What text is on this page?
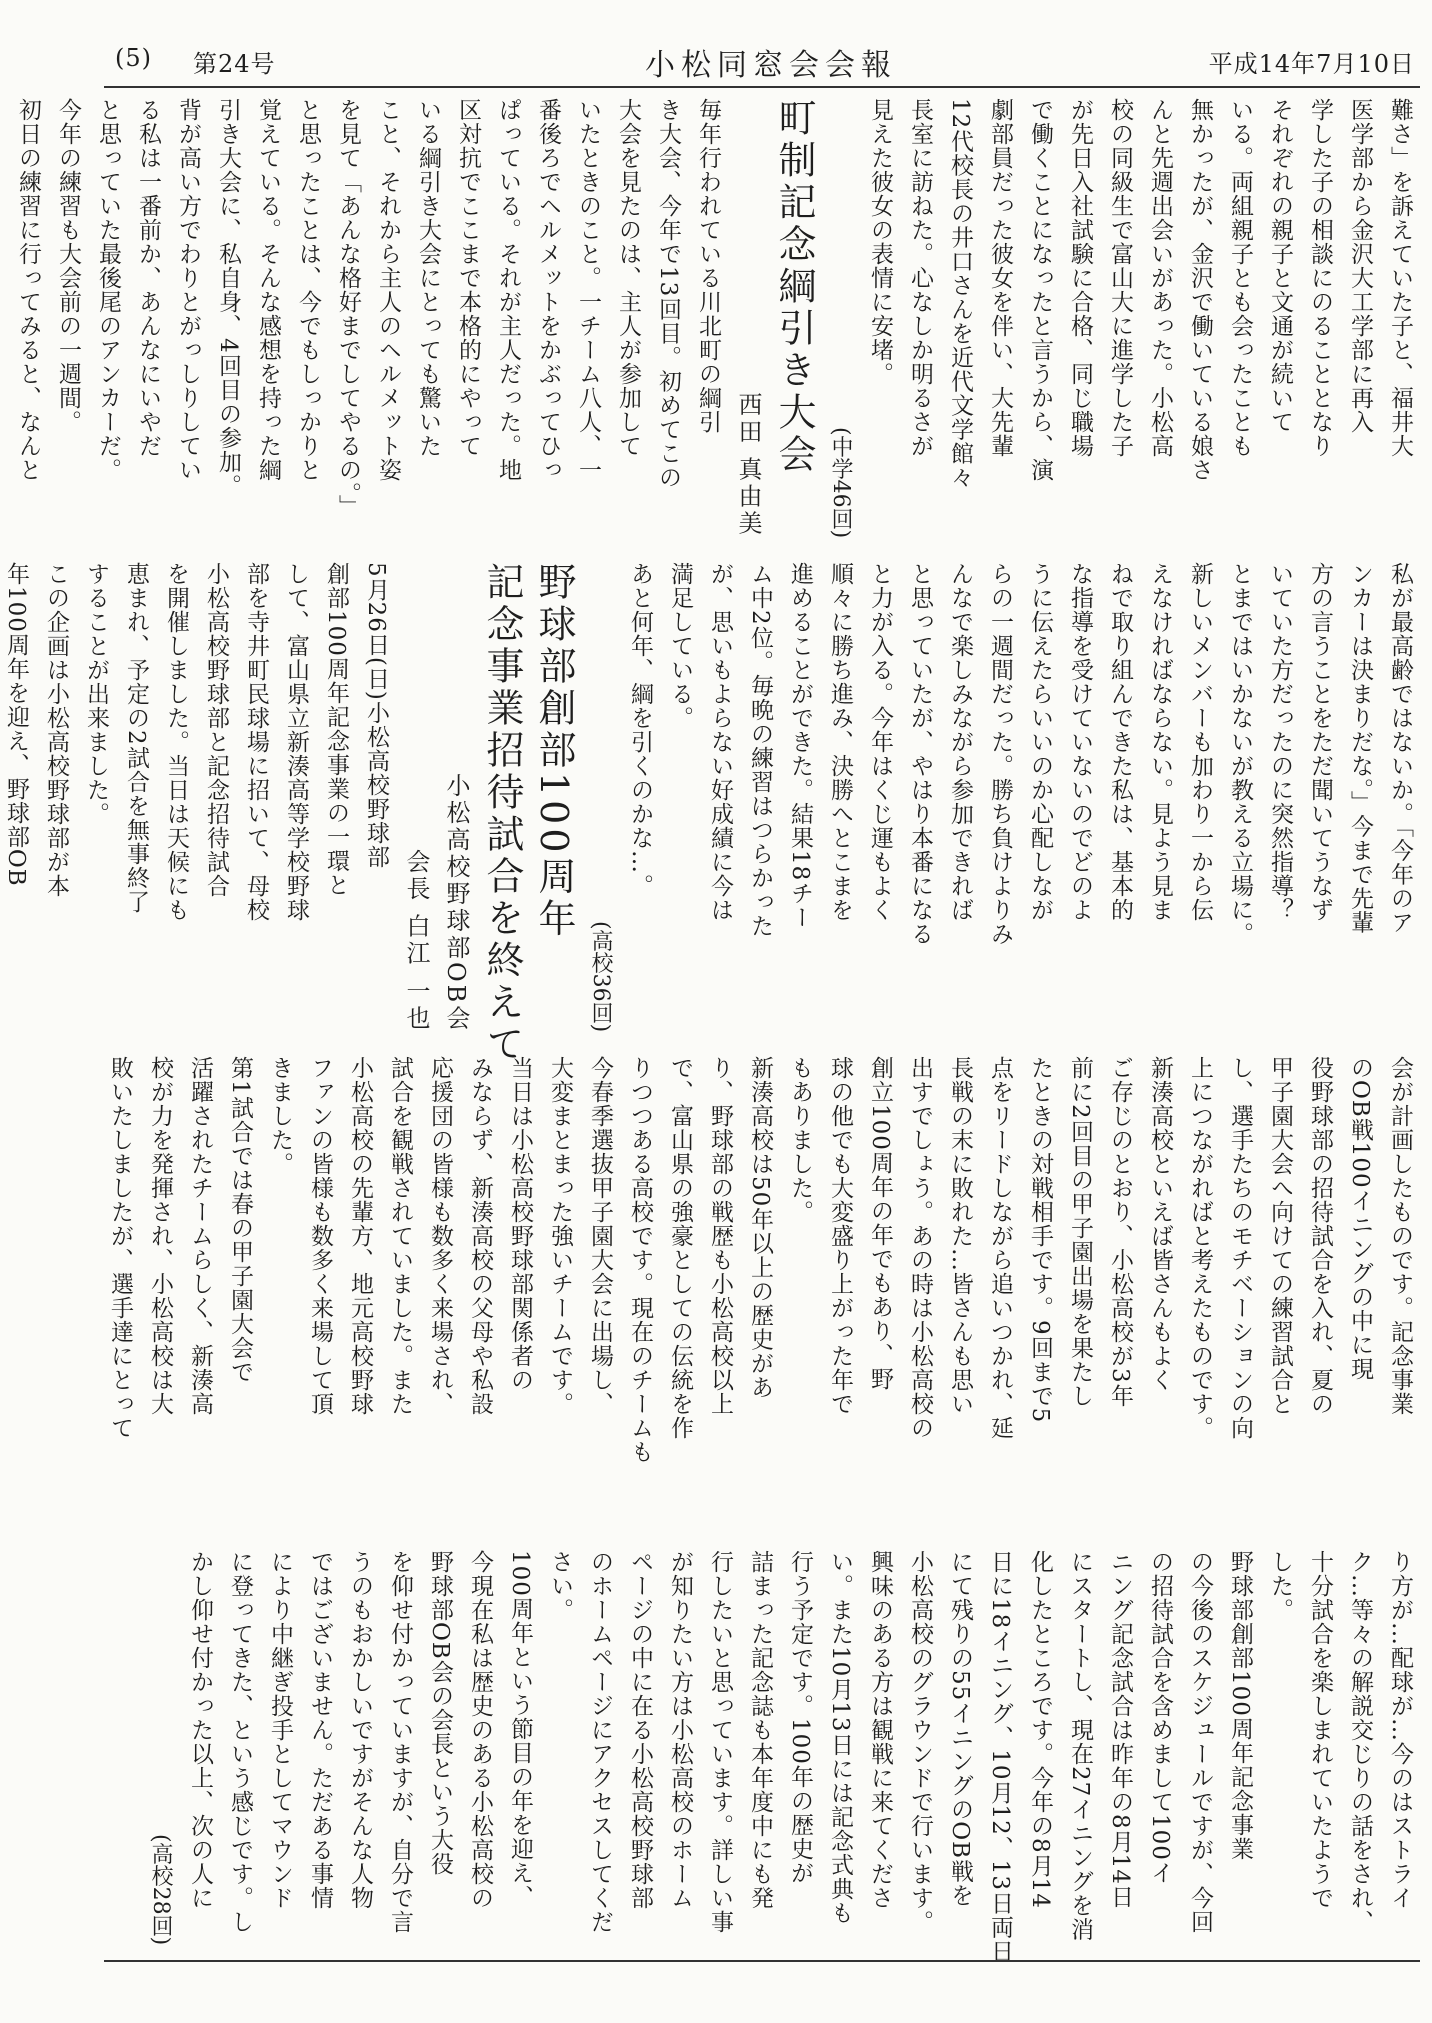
(5) 第24号	小松同窓会会報	平成14年7月10日
難さ」を訴えていた子と、福井大
医学部から金沢大工学部に再入
学した子の相談にのることとなり
それぞれの親子と文通が続いて
いる。両組親子とも会ったことも
無かったが、金沢で働いている娘さ
んと先週出会いがあった。小松高
校の同級生で富山大に進学した子
が先日入社試験に合格、同じ職場
で働くことになったと言うから、演
劇部員だった彼女を伴い、大先輩
12代校長の井口さんを近代文学館々
長室に訪ねた。心なしか明るさが
見えた彼女の表情に安堵。
(中学46回)
町制記念綱引き大会
西田 真由美
毎年行われている川北町の綱引
き大会、今年で13回目。初めてこの
大会を見たのは、主人が参加して
いたときのこと。一チーム八人、一
番後ろでヘルメットをかぶってひっ
ぱっている。それが主人だった。地
区対抗でここまで本格的にやって
いる綱引き大会にとっても驚いた
こと、それから主人のヘルメット姿
を見て「あんな格好までしてやるの。」
と思ったことは、今でもしっかりと
覚えている。そんな感想を持った綱
引き大会に、私自身、4回目の参加。
背が高い方でわりとがっしりしてい
る私は一番前か、あんなにいやだ
と思っていた最後尾のアンカーだ。
今年の練習も大会前の一週間。
初日の練習に行ってみると、なんと
私が最高齢ではないか。「今年のア
ンカーは決まりだな。」今まで先輩
方の言うことをただ聞いてうなず
いていた方だったのに突然指導？
とまではいかないが教える立場に。
新しいメンバーも加わり一から伝
えなければならない。見よう見ま
ねで取り組んできた私は、基本的
な指導を受けていないのでどのよ
うに伝えたらいいのか心配しなが
らの一週間だった。勝ち負けよりみ
んなで楽しみながら参加できれば
と思っていたが、やはり本番になる
と力が入る。今年はくじ運もよく
順々に勝ち進み、決勝へとこまを
進めることができた。結果18チー
ム中2位。毎晩の練習はつらかった
が、思いもよらない好成績に今は
満足している。
あと何年、綱を引くのかな…。
(高校36回)
野球部創部100周年
記念事業招待試合を終えて
小松高校野球部OB会
会長 白江 一也
5月26日(日)小松高校野球部
創部100周年記念事業の一環と
して、富山県立新湊高等学校野球
部を寺井町民球場に招いて、母校
小松高校野球部と記念招待試合
を開催しました。当日は天候にも
恵まれ、予定の2試合を無事終了
することが出来ました。
この企画は小松高校野球部が本
年100周年を迎え、野球部OB
会が計画したものです。記念事業
のOB戦100イニングの中に現
役野球部の招待試合を入れ、夏の
甲子園大会へ向けての練習試合と
し、選手たちのモチベーションの向
上につながればと考えたものです。
新湊高校といえば皆さんもよく
ご存じのとおり、小松高校が3年
前に2回目の甲子園出場を果たし
たときの対戦相手です。9回まで5
点をリードしながら追いつかれ、延
長戦の末に敗れた…皆さんも思い
出すでしょう。あの時は小松高校の
創立100周年の年でもあり、野
球の他でも大変盛り上がった年で
もありました。
新湊高校は50年以上の歴史があ
り、野球部の戦歴も小松高校以上
で、富山県の強豪としての伝統を作
りつつある高校です。現在のチームも
今春季選抜甲子園大会に出場し、
大変まとまった強いチームです。
当日は小松高校野球部関係者の
みならず、新湊高校の父母や私設
応援団の皆様も数多く来場され、
試合を観戦されていました。また
小松高校の先輩方、地元高校野球
ファンの皆様も数多く来場して頂
きました。
第1試合では春の甲子園大会で
活躍されたチームらしく、新湊高
校が力を発揮され、小松高校は大
敗いたしましたが、選手達にとって
り方が…配球が…今のはストライ
ク…等々の解説交じりの話をされ、
十分試合を楽しまれていたようで
した。
野球部創部100周年記念事業
の今後のスケジュールですが、今回
の招待試合を含めまして100イ
ニング記念試合は昨年の8月14日
にスタートし、現在27イニングを消
化したところです。今年の8月14
日に18イニング、10月12、13日両日
にて残りの55イニングのOB戦を
小松高校のグラウンドで行います。
興味のある方は観戦に来てくださ
い。また10月13日には記念式典も
行う予定です。100年の歴史が
詰まった記念誌も本年度中にも発
行したいと思っています。詳しい事
が知りたい方は小松高校のホーム
ページの中に在る小松高校野球部
のホームページにアクセスしてくだ
さい。
100周年という節目の年を迎え、
今現在私は歴史のある小松高校の
野球部OB会の会長という大役
を仰せ付かっていますが、自分で言
うのもおかしいですがそんな人物
ではございません。ただある事情
により中継ぎ投手としてマウンド
に登ってきた、という感じです。し
かし仰せ付かった以上、次の人に
(高校28回)
